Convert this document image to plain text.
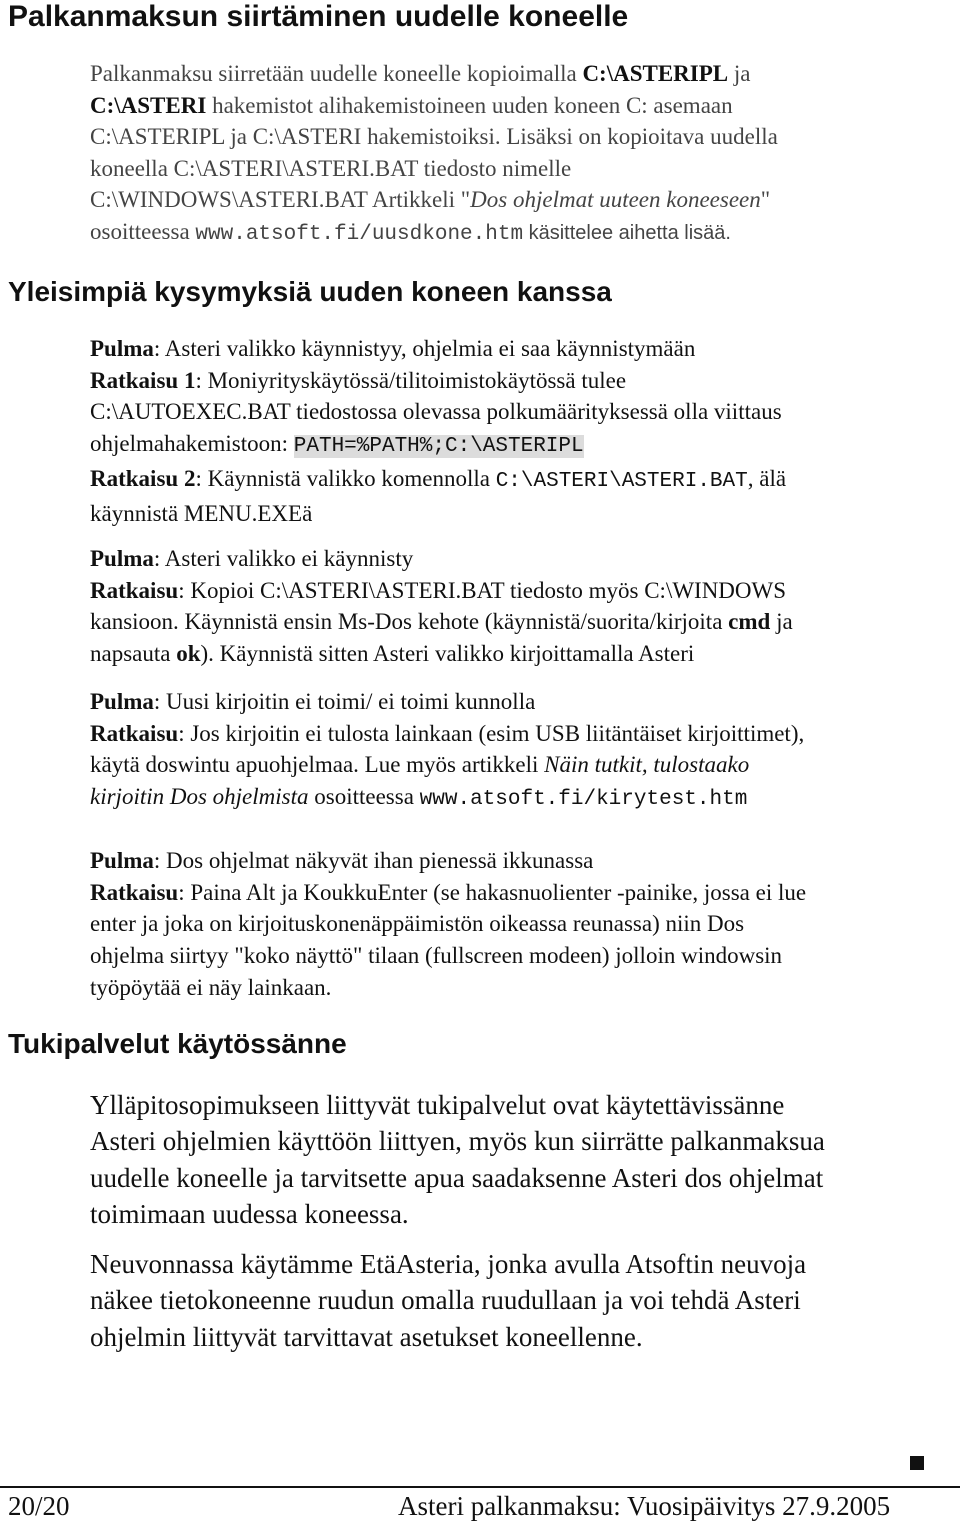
Palkanmaksun siirtäminen uudelle koneelle
Palkanmaksu siirretään uudelle koneelle kopioimalla C:\ASTERIPL ja
C:\ASTERI hakemistot alihakemistoineen uuden koneen C: asemaan
C:\ASTERIPL ja C:\ASTERI hakemistoiksi. Lisäksi on kopioitava uudella
koneella C:\ASTERI\ASTERI.BAT tiedosto nimelle
C:\WINDOWS\ASTERI.BAT Artikkeli "Dos ohjelmat uuteen koneeseen"
osoitteessa www.atsoft.fi/uusdkone.htm käsittelee aihetta lisää.
Yleisimpiä kysymyksiä uuden koneen kanssa
Pulma: Asteri valikko käynnistyy, ohjelmia ei saa käynnistymään
Ratkaisu 1: Moniyrityskäytössä/tilitoimistokäytössä tulee
C:\AUTOEXEC.BAT tiedostossa olevassa polkumäärityksessä olla viittaus
ohjelmahakemistoon: PATH=%PATH%;C:\ASTERIPL
Ratkaisu 2: Käynnistä valikko komennolla C:\ASTERI\ASTERI.BAT, älä
käynnistä MENU.EXEä
Pulma: Asteri valikko ei käynnisty
Ratkaisu: Kopioi C:\ASTERI\ASTERI.BAT tiedosto myös C:\WINDOWS
kansioon. Käynnistä ensin Ms-Dos kehote (käynnistä/suorita/kirjoita cmd ja
napsauta ok). Käynnistä sitten Asteri valikko kirjoittamalla Asteri
Pulma: Uusi kirjoitin ei toimi/ ei toimi kunnolla
Ratkaisu: Jos kirjoitin ei tulosta lainkaan (esim USB liitäntäiset kirjoittimet),
käytä doswintu apuohjelmaa. Lue myös artikkeli Näin tutkit, tulostaako
kirjoitin Dos ohjelmista osoitteessa www.atsoft.fi/kirytest.htm
Pulma: Dos ohjelmat näkyvät ihan pienessä ikkunassa
Ratkaisu: Paina Alt ja KoukkuEnter (se hakasnuolienter -painike, jossa ei lue
enter ja joka on kirjoituskonenäppäimistön oikeassa reunassa) niin Dos
ohjelma siirtyy "koko näyttö" tilaan (fullscreen modeen) jolloin windowsin
työpöytää ei näy lainkaan.
Tukipalvelut käytössänne
Ylläpitosopimukseen liittyvät tukipalvelut ovat käytettävissänne
Asteri ohjelmien käyttöön liittyen, myös kun siirrätte palkanmaksua
uudelle koneelle ja tarvitsette apua saadaksenne Asteri dos ohjelmat
toimimaan uudessa koneessa.
Neuvonnassa käytämme EtäAsteria, jonka avulla Atsoftin neuvoja
näkee tietokoneenne ruudun omalla ruudullaan ja voi tehdä Asteri
ohjelmin liittyvät tarvittavat asetukset koneellenne.
20/20	Asteri palkanmaksu: Vuosipäivitys 27.9.2005
